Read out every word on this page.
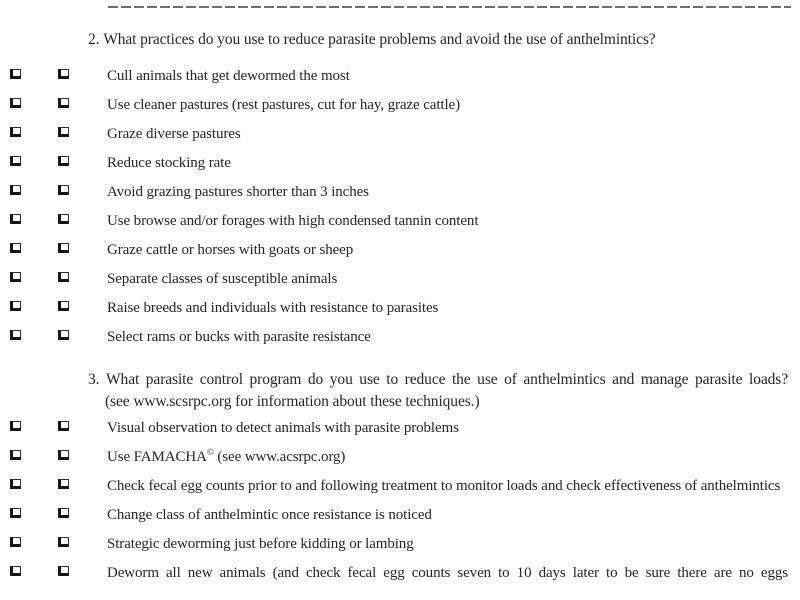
2. What practices do you use to reduce parasite problems and avoid the use of anthelmintics?

Cull animals that get dewormed the most

Use cleaner pastures (rest pastures, cut for hay, graze cattle)

Graze diverse pastures

Reduce stocking rate

Avoid grazing pastures shorter than 3 inches

Use browse and/or forages with high condensed tannin content

Graze cattle or horses with goats or sheep

Separate classes of susceptible animals

Raise breeds and individuals with resistance to parasites

Select rams or bucks with parasite resistance

3. What parasite control program do you use to reduce the use of anthelmintics and manage parasite loads?

(see www.scsrpc.org for information about these techniques.)

Visual observation to detect animals with parasite problems

Use FAMACHA© (see www.acsrpc.org)

Check fecal egg counts prior to and following treatment to monitor loads and check effectiveness of anthelmintics

Change class of anthelmintic once resistance is noticed

Strategic deworming just before kidding or lambing

Deworm all new animals (and check fecal egg counts seven to 10 days later to be sure there are no eggs
